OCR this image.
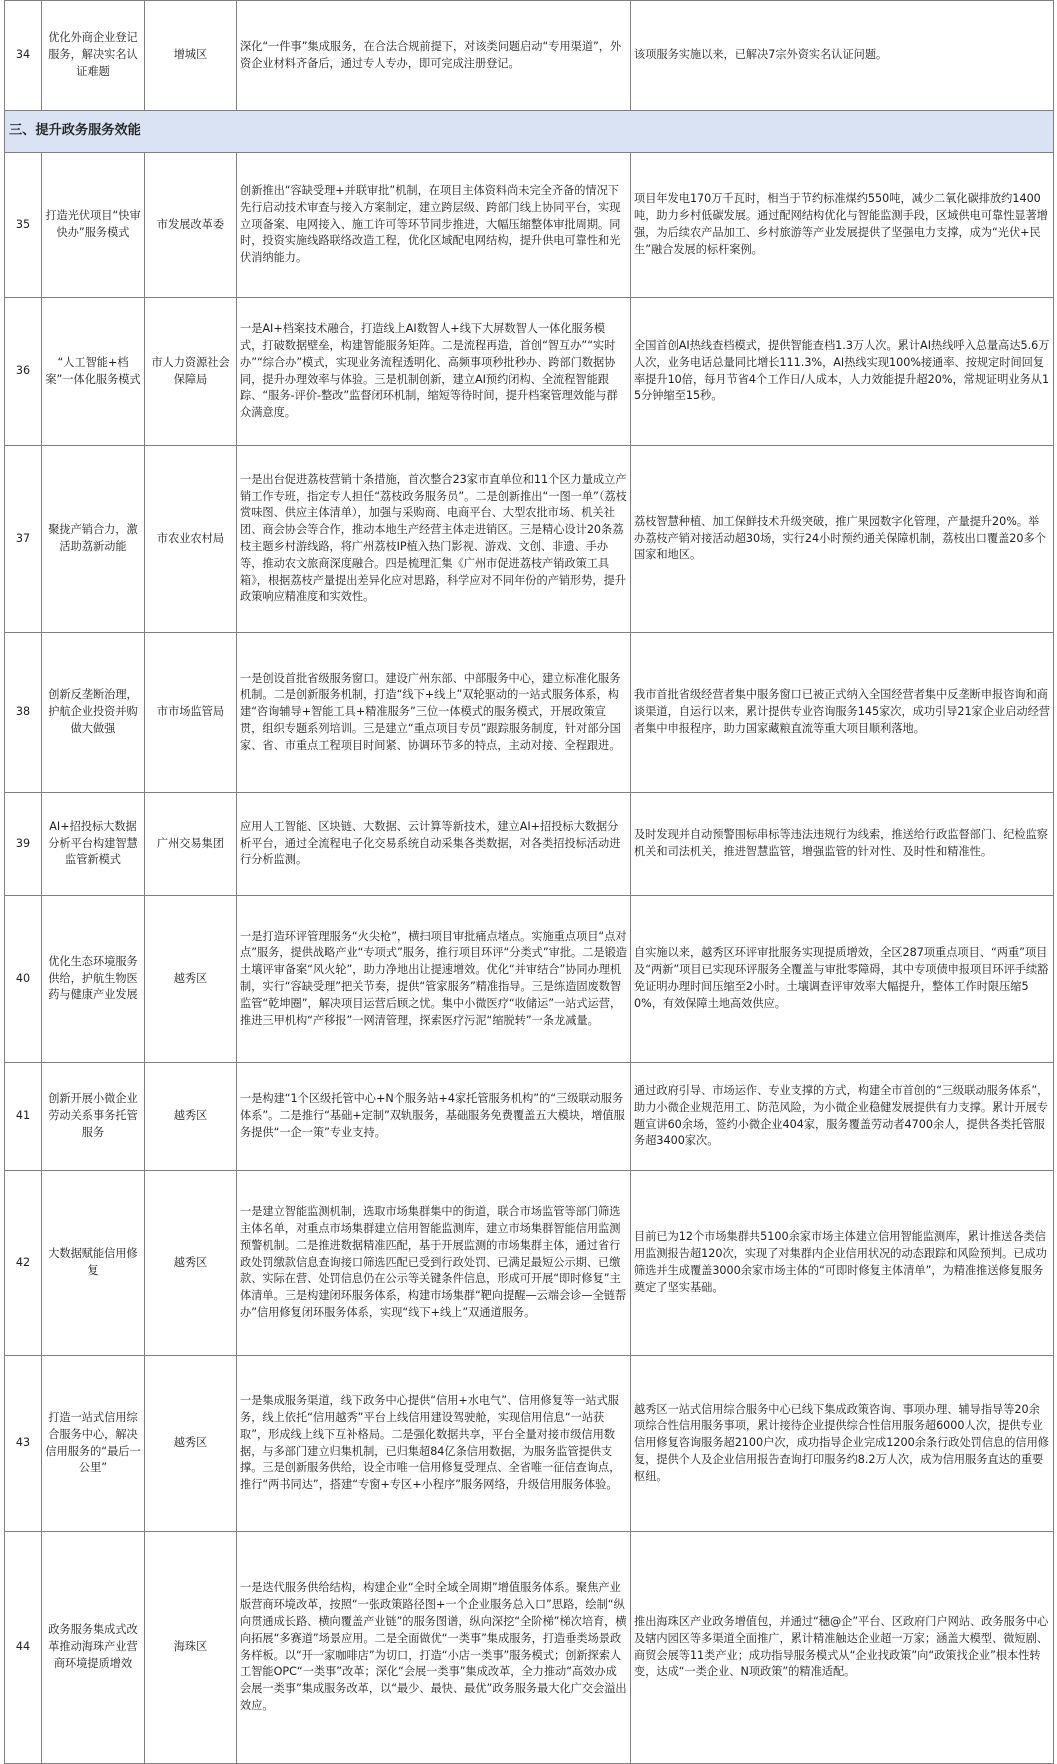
34	优化外商企业登记服务，解决实名认证难题	增城区	深化“一件事”集成服务，在合法合规前提下，对该类问题启动“专用渠道”，外资企业材料齐备后，通过专人专办，即可完成注册登记。	该项服务实施以来，已解决7宗外资实名认证问题。
三、提升政务服务效能				
35	打造光伏项目“快审快办”服务模式	市发展改革委	创新推出“容缺受理+并联审批”机制，在项目主体资料尚未完全齐备的情况下先行启动技术审查与接入方案制定，建立跨层级、跨部门线上协同平台，实现立项备案、电网接入、施工许可等环节同步推进，大幅压缩整体审批周期。同时，投资实施线路联络改造工程，优化区域配电网结构，提升供电可靠性和光伏消纳能力。	项目年发电170万千瓦时，相当于节约标准煤约550吨，减少二氧化碳排放约1400吨，助力乡村低碳发展。通过配网结构优化与智能监测手段，区域供电可靠性显著增强，为后续农产品加工、乡村旅游等产业发展提供了坚强电力支撑，成为“光伏+民生”融合发展的标杆案例。
36	“人工智能+档案”一体化服务模式	市人力资源社会保障局	一是AI+档案技术融合，打造线上AI数智人+线下大屏数智人一体化服务模式，打破数据壁垒，构建智能服务矩阵。二是流程再造，首创“智互办”“实时办”“综合办”模式，实现业务流程透明化、高频事项秒批秒办、跨部门数据协同，提升办理效率与体验。三是机制创新，建立AI预约闭构、全流程智能跟踪、“服务-评价-整改”监督闭环机制，缩短等待时间，提升档案管理效能与群众满意度。	全国首创AI热线查档模式，提供智能查档1.3万人次。累计AI热线呼入总量高达5.6万人次，业务电话总量同比增长111.3%，AI热线实现100%接通率、按规定时间回复率提升10倍，每月节省4个工作日/人成本，人力效能提升超20%，常规证明业务从15分钟缩至15秒。
37	聚拢产销合力，激活助荔新动能	市农业农村局	一是出台促进荔枝营销十条措施，首次整合23家市直单位和11个区力量成立产销工作专班，指定专人担任“荔枝政务服务员”。二是创新推出“一图一单”（荔枝赏味图、供应主体清单），加强与采购商、电商平台、大型农批市场、机关社团、商会协会等合作，推动本地生产经营主体走进销区。三是精心设计20条荔枝主题乡村游线路，将广州荔枝IP植入热门影视、游戏、文创、非遗、手办等，推动农文旅商深度融合。四是梳理汇集《广州市促进荔枝产销政策工具箱》，根据荔枝产量提出差异化应对思路，科学应对不同年份的产销形势，提升政策响应精准度和实效性。	荔枝智慧种植、加工保鲜技术升级突破，推广果园数字化管理，产量提升20%。举办荔枝产销对接活动超30场，实行24小时预约通关保障机制，荔枝出口覆盖20多个国家和地区。
38	创新反垄断治理，护航企业投资并购做大做强	市市场监管局	一是创设首批省级服务窗口。建设广州东部、中部服务中心，建立标准化服务机制。二是创新服务机制，打造“线下+线上”双轮驱动的一站式服务体系，构建“咨询辅导+智能工具+精准服务”三位一体模式的服务模式，开展政策宣贯，组织专题系列培训。三是建立“重点项目专员”跟踪服务制度，针对部分国家、省、市重点工程项目时间紧、协调环节多的特点，主动对接、全程跟进。	我市首批省级经营者集中服务窗口已被正式纳入全国经营者集中反垄断申报咨询和商谈渠道，自运行以来，累计提供专业咨询服务145家次，成功引导21家企业启动经营者集中申报程序，助力国家藏粮直流等重大项目顺利落地。
39	AI+招投标大数据分析平台构建智慧监管新模式	广州交易集团	应用人工智能、区块链、大数据、云计算等新技术，建立AI+招投标大数据分析平台，通过全流程电子化交易系统自动采集各类数据，对各类招投标活动进行分析监测。	及时发现并自动预警围标串标等违法违规行为线索，推送给行政监督部门、纪检监察机关和司法机关，推进智慧监管，增强监管的针对性、及时性和精准性。
40	优化生态环境服务供给，护航生物医药与健康产业发展	越秀区	一是打造环评管理服务“火尖枪”，横扫项目审批痛点堵点。实施重点项目“点对点”服务，提供战略产业“专项式”服务，推行项目环评“分类式”审批。二是锻造土壤评审备案“风火轮”，助力净地出让提速增效。优化“并审结合”协同办理机制，实行“容缺受理”把关节奏，提供“管家服务”精准指导。三是练造固废数智监管“乾坤圈”，解决项目运营后顾之忧。集中小微医疗“收储运”一站式运营，推进三甲机构“产移报”一网清管理，探索医疗污泥“缩脱转”一条龙减量。	自实施以来，越秀区环评审批服务实现提质增效，全区287项重点项目、“两重”项目及“两新”项目已实现环评服务全覆盖与审批零障碍，其中专项债申报项目环评手续豁免证明办理时间压缩至2小时。土壤调查评审效率大幅提升，整体工作时限压缩50%，有效保障土地高效供应。
41	创新开展小微企业劳动关系事务托管服务	越秀区	一是构建“1个区级托管中心+N个服务站+4家托管服务机构”的“三级联动服务体系”。二是推行“基础+定制”双轨服务，基础服务免费覆盖五大模块，增值服务提供“一企一策”专业支持。	通过政府引导、市场运作、专业支撑的方式，构建全市首创的“三级联动服务体系”，助力小微企业规范用工、防范风险，为小微企业稳健发展提供有力支撑。累计开展专题宣讲60余场，签约小微企业404家，服务覆盖劳动者4700余人，提供各类托管服务超3400家次。
42	大数据赋能信用修复	越秀区	一是建立智能监测机制，选取市场集群集中的街道，联合市场监管等部门筛选主体名单，对重点市场集群建立信用智能监测库，建立市场集群智能信用监测预警机制。二是推进数据精准匹配，基于开展监测的市场集群主体，通过省行政处罚缴款信息查询接口筛选匹配已受到行政处罚、已满足最短公示期、已缴款、实际在营、处罚信息仍在公示等关键条件信息，形成可开展“即时修复”主体清单。三是构建闭环服务体系，构建市场集群“靶向提醒—云端会诊—全链帮办”信用修复闭环服务体系，实现“线下+线上”双通道服务。	目前已为12个市场集群共5100余家市场主体建立信用智能监测库，累计推送各类信用监测报告超120次，实现了对集群内企业信用状况的动态跟踪和风险预判。已成功筛选并生成覆盖3000余家市场主体的“可即时修复主体清单”，为精准推送修复服务奠定了坚实基础。
43	打造一站式信用综合服务中心，解决信用服务的“最后一公里”	越秀区	一是集成服务渠道，线下政务中心提供“信用+水电气”、信用修复等一站式服务，线上依托“信用越秀”平台上线信用建设驾驶舱，实现信用信息“一站获取”，形成线上线下互补格局。二是强化数据共享，平台全量对接市级信用数据，与多部门建立归集机制，已归集超84亿条信用数据，为服务监管提供支撑。三是创新服务供给，设全市唯一信用修复受理点、全省唯一征信查询点，推行“两书同达”，搭建“专窗+专区+小程序”服务网络，升级信用服务体验。	越秀区一站式信用综合服务中心已线下集成政策咨询、事项办理、辅导指导等20余项综合性信用服务事项，累计接待企业提供综合性信用服务超6000人次，提供专业信用修复咨询服务超2100户次，成功指导企业完成1200余条行政处罚信息的信用修复，提供个人及企业信用报告查询打印服务约8.2万人次，成为信用服务直达的重要枢纽。
44	政务服务集成式改革推动海珠产业营商环境提质增效	海珠区	一是迭代服务供给结构，构建企业“全时全域全周期”增值服务体系。聚焦产业版营商环境改革，按照“一张政策路径图+一个企业服务总入口”思路，绘制“纵向贯通成长路、横向覆盖产业链”的服务图谱，纵向深挖“全阶梯”梯次培育，横向拓展“多赛道”场景应用。二是全面做优“一类事”集成服务，打造垂类场景政务样板。以“开一家咖啡店”为切口，打造“小店一类事”服务模式；创新探索人工智能OPC“一类事”改革；深化“会展一类事”集成改革，全力推动“高效办成会展一类事”集成服务改革，以“最少、最快、最优”政务服务最大化广交会溢出效应。	推出海珠区产业政务增值包，并通过“穗@企”平台、区政府门户网站、政务服务中心及辖内园区等多渠道全面推广，累计精准触达企业超一万家；涵盖大模型、微短剧、商贸会展等11类产业；成功指导服务模式从“企业找政策”向“政策找企业”根本性转变，达成“一类企业、N项政策”的精准适配。
